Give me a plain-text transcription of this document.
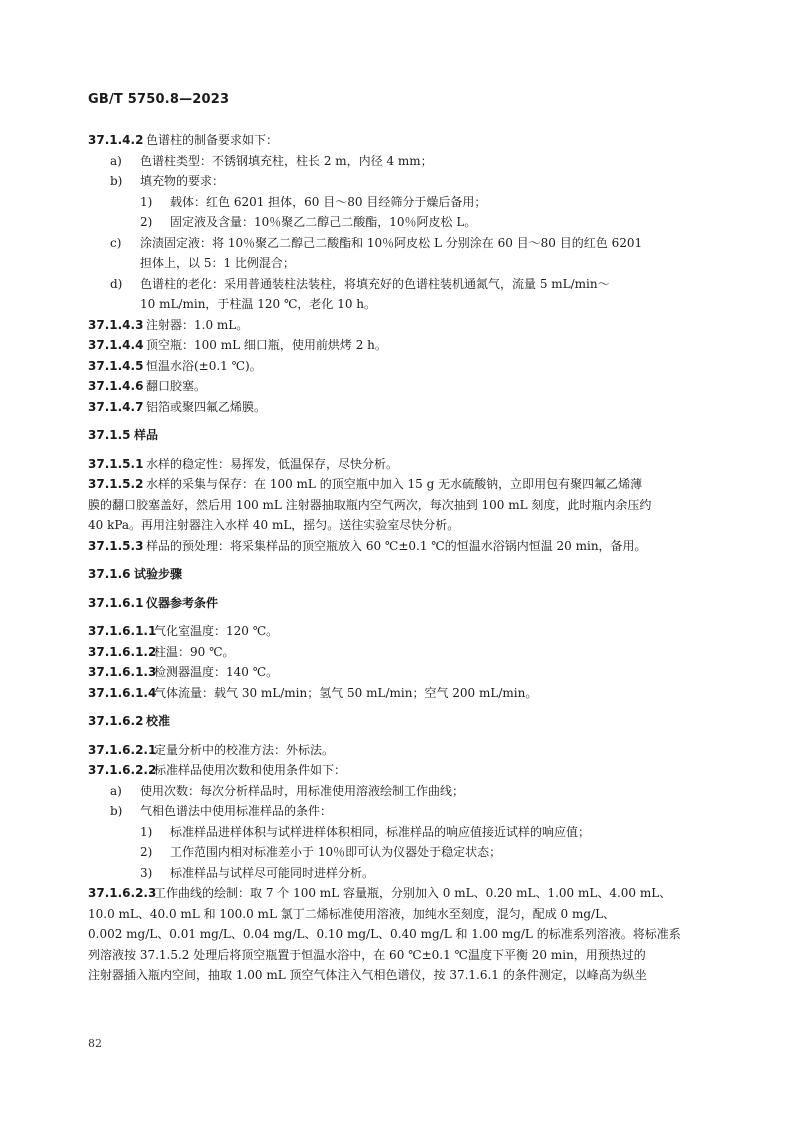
GB/T 5750.8—2023
37.1.4.2 色谱柱的制备要求如下：
a) 色谱柱类型：不锈钢填充柱，柱长 2 m，内径 4 mm；
b) 填充物的要求：
1) 载体：红色 6201 担体，60 目～80 目经筛分于燥后备用；
2) 固定液及含量：10％聚乙二醇己二酸酯，10％阿皮松 L。
c) 涂渍固定液：将 10％聚乙二醇己二酸酯和 10％阿皮松 L 分别涂在 60 目～80 目的红色 6201
担体上，以 5：1 比例混合；
d) 色谱柱的老化：采用普通装柱法装柱，将填充好的色谱柱装机通氮气，流量 5 mL/min～
10 mL/min，于柱温 120 ℃，老化 10 h。
37.1.4.3 注射器：1.0 mL。
37.1.4.4 顶空瓶：100 mL 细口瓶，使用前烘烤 2 h。
37.1.4.5 恒温水浴(±0.1 ℃)。
37.1.4.6 翻口胶塞。
37.1.4.7 铝箔或聚四氟乙烯膜。
37.1.5 样品
37.1.5.1 水样的稳定性：易挥发，低温保存，尽快分析。
37.1.5.2 水样的采集与保存：在 100 mL 的顶空瓶中加入 15 g 无水硫酸钠，立即用包有聚四氟乙烯薄
膜的翻口胶塞盖好，然后用 100 mL 注射器抽取瓶内空气两次，每次抽到 100 mL 刻度，此时瓶内余压约
40 kPa。再用注射器注入水样 40 mL，摇匀。送往实验室尽快分析。
37.1.5.3 样品的预处理：将采集样品的顶空瓶放入 60 ℃±0.1 ℃的恒温水浴锅内恒温 20 min，备用。
37.1.6 试验步骤
37.1.6.1 仪器参考条件
37.1.6.1.1气化室温度：120 ℃。
37.1.6.1.2柱温：90 ℃。
37.1.6.1.3检测器温度：140 ℃。
37.1.6.1.4气体流量：载气 30 mL/min；氢气 50 mL/min；空气 200 mL/min。
37.1.6.2 校准
37.1.6.2.1定量分析中的校准方法：外标法。
37.1.6.2.2标准样品使用次数和使用条件如下：
a) 使用次数：每次分析样品时，用标准使用溶液绘制工作曲线；
b) 气相色谱法中使用标准样品的条件：
1) 标准样品进样体积与试样进样体积相同，标准样品的响应值接近试样的响应值；
2) 工作范围内相对标准差小于 10％即可认为仪器处于稳定状态；
3) 标准样品与试样尽可能同时进样分析。
37.1.6.2.3工作曲线的绘制：取 7 个 100 mL 容量瓶，分别加入 0 mL、0.20 mL、1.00 mL、4.00 mL、
10.0 mL、40.0 mL 和 100.0 mL 氯丁二烯标准使用溶液，加纯水至刻度，混匀，配成 0 mg/L、
0.002 mg/L、0.01 mg/L、0.04 mg/L、0.10 mg/L、0.40 mg/L 和 1.00 mg/L 的标准系列溶液。将标准系
列溶液按 37.1.5.2 处理后将顶空瓶置于恒温水浴中，在 60 ℃±0.1 ℃温度下平衡 20 min，用预热过的
注射器插入瓶内空间，抽取 1.00 mL 顶空气体注入气相色谱仪，按 37.1.6.1 的条件测定，以峰高为纵坐
82
